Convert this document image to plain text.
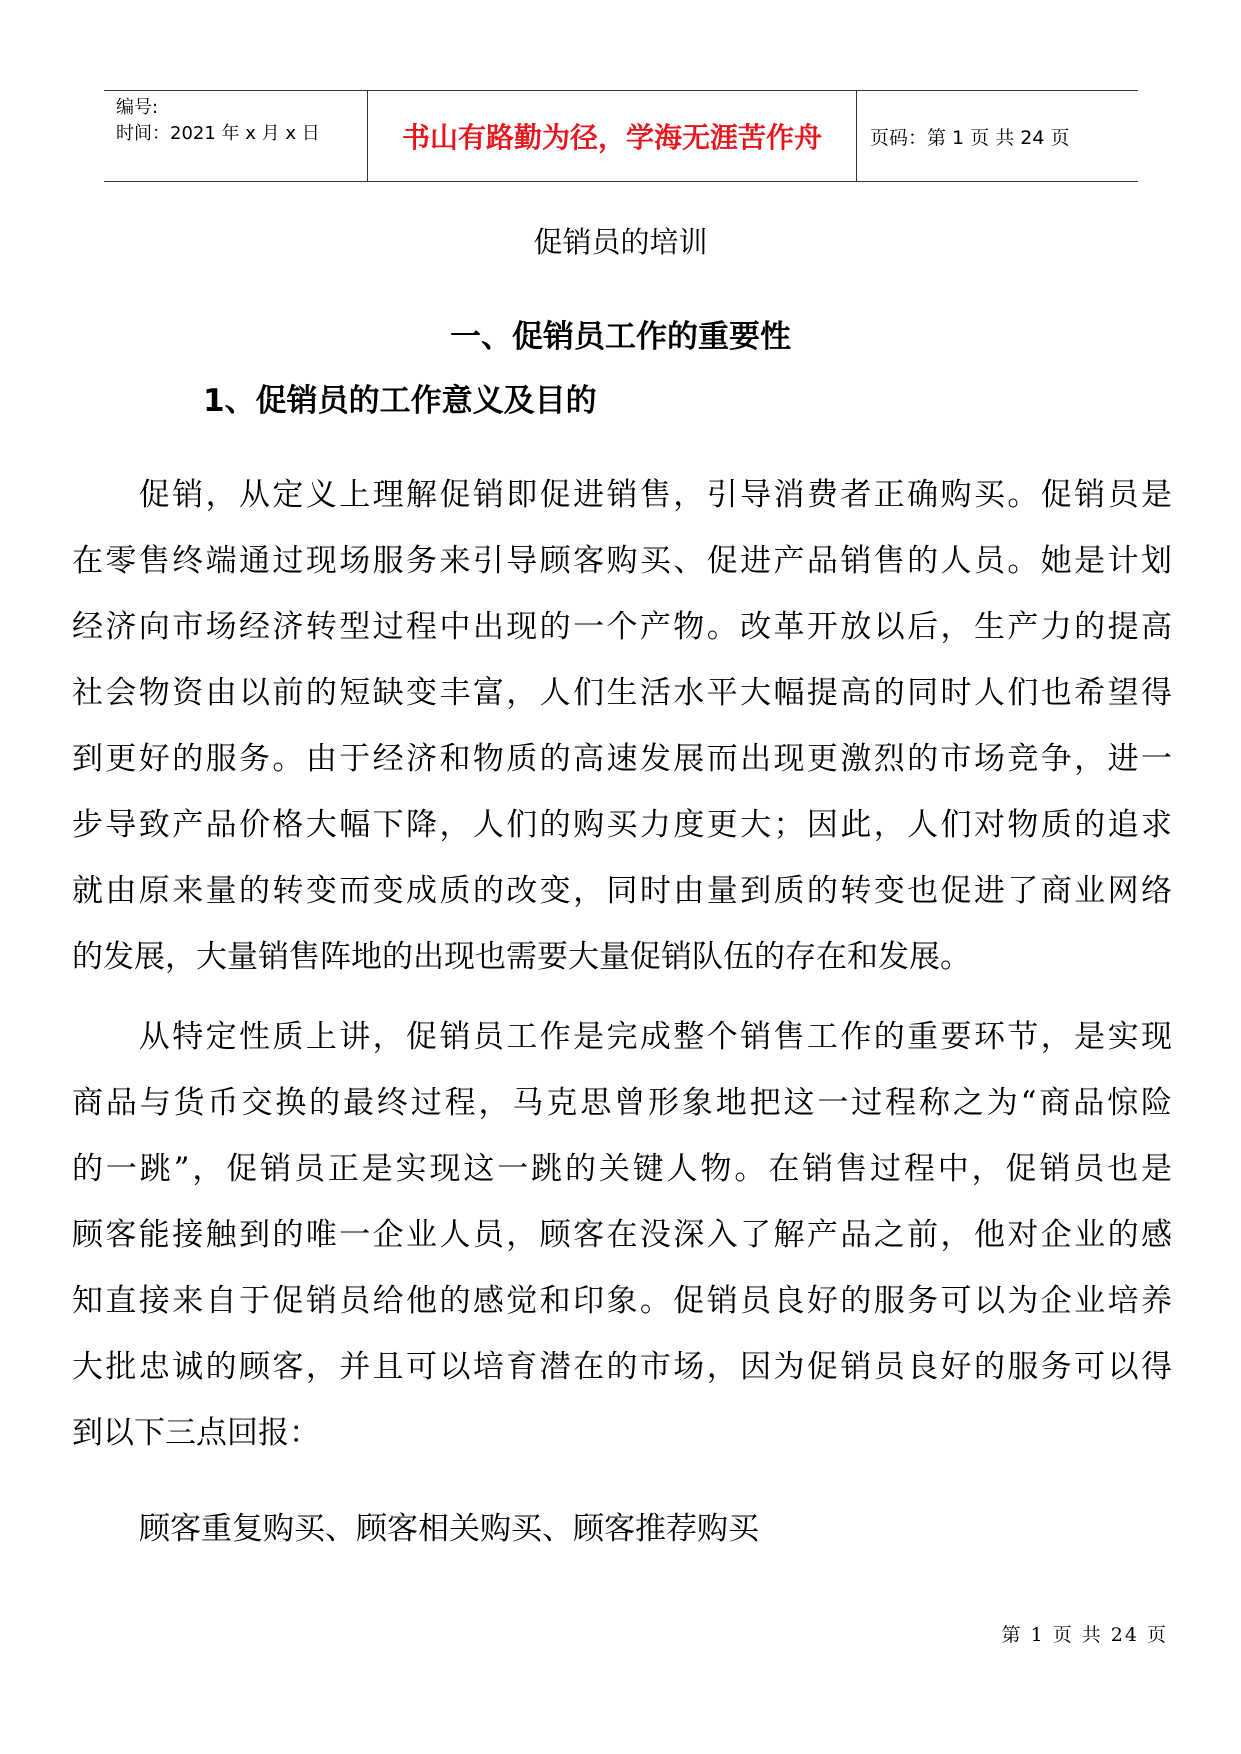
编号:
时间：2021 年 x 月 x 日	书山有路勤为径，学海无涯苦作舟	页码：第 1 页 共 24 页
促销员的培训
一、促销员工作的重要性
1、促销员的工作意义及目的
　　促销，从定义上理解促销即促进销售，引导消费者正确购买。促销员是
在零售终端通过现场服务来引导顾客购买、促进产品销售的人员。她是计划
经济向市场经济转型过程中出现的一个产物。改革开放以后，生产力的提高
社会物资由以前的短缺变丰富，人们生活水平大幅提高的同时人们也希望得
到更好的服务。由于经济和物质的高速发展而出现更激烈的市场竞争，进一
步导致产品价格大幅下降，人们的购买力度更大；因此，人们对物质的追求
就由原来量的转变而变成质的改变，同时由量到质的转变也促进了商业网络
的发展，大量销售阵地的出现也需要大量促销队伍的存在和发展。
　　从特定性质上讲，促销员工作是完成整个销售工作的重要环节，是实现
商品与货币交换的最终过程，马克思曾形象地把这一过程称之为“商品惊险
的一跳”，促销员正是实现这一跳的关键人物。在销售过程中，促销员也是
顾客能接触到的唯一企业人员，顾客在没深入了解产品之前，他对企业的感
知直接来自于促销员给他的感觉和印象。促销员良好的服务可以为企业培养
大批忠诚的顾客，并且可以培育潜在的市场，因为促销员良好的服务可以得
到以下三点回报：
顾客重复购买、顾客相关购买、顾客推荐购买
第 1 页 共 24 页
